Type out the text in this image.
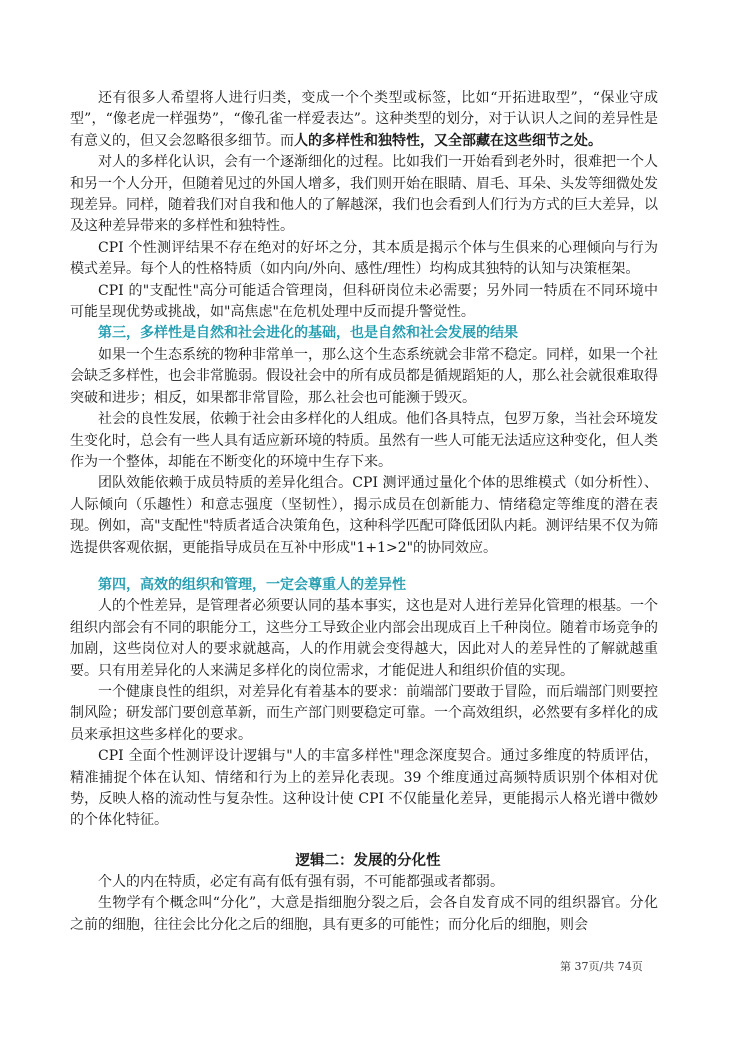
还有很多人希望将人进行归类，变成一个个类型或标签，比如“开拓进取型”，“保业守成型”，“像老虎一样强势”，“像孔雀一样爱表达”。这种类型的划分，对于认识人之间的差异性是有意义的，但又会忽略很多细节。而人的多样性和独特性，又全部藏在这些细节之处。

对人的多样化认识，会有一个逐渐细化的过程。比如我们一开始看到老外时，很难把一个人和另一个人分开，但随着见过的外国人增多，我们则开始在眼睛、眉毛、耳朵、头发等细微处发现差异。同样，随着我们对自我和他人的了解越深，我们也会看到人们行为方式的巨大差异，以及这种差异带来的多样性和独特性。

CPI 个性测评结果不存在绝对的好坏之分，其本质是揭示个体与生俱来的心理倾向与行为模式差异。每个人的性格特质（如内向/外向、感性/理性）均构成其独特的认知与决策框架。

CPI 的"支配性"高分可能适合管理岗，但科研岗位未必需要；另外同一特质在不同环境中可能呈现优势或挑战，如"高焦虑"在危机处理中反而提升警觉性。

第三，多样性是自然和社会进化的基础，也是自然和社会发展的结果

如果一个生态系统的物种非常单一，那么这个生态系统就会非常不稳定。同样，如果一个社会缺乏多样性，也会非常脆弱。假设社会中的所有成员都是循规蹈矩的人，那么社会就很难取得突破和进步；相反，如果都非常冒险，那么社会也可能濒于毁灭。

社会的良性发展，依赖于社会由多样化的人组成。他们各具特点，包罗万象，当社会环境发生变化时，总会有一些人具有适应新环境的特质。虽然有一些人可能无法适应这种变化，但人类作为一个整体，却能在不断变化的环境中生存下来。

团队效能依赖于成员特质的差异化组合。CPI 测评通过量化个体的思维模式（如分析性）、人际倾向（乐趣性）和意志强度（坚韧性），揭示成员在创新能力、情绪稳定等维度的潜在表现。例如，高"支配性"特质者适合决策角色，这种科学匹配可降低团队内耗。测评结果不仅为筛选提供客观依据，更能指导成员在互补中形成"1+1>2"的协同效应。

第四，高效的组织和管理，一定会尊重人的差异性

人的个性差异，是管理者必须要认同的基本事实，这也是对人进行差异化管理的根基。一个组织内部会有不同的职能分工，这些分工导致企业内部会出现成百上千种岗位。随着市场竞争的加剧，这些岗位对人的要求就越高，人的作用就会变得越大，因此对人的差异性的了解就越重要。只有用差异化的人来满足多样化的岗位需求，才能促进人和组织价值的实现。

一个健康良性的组织，对差异化有着基本的要求：前端部门要敢于冒险，而后端部门则要控制风险；研发部门要创意革新，而生产部门则要稳定可靠。一个高效组织，必然要有多样化的成员来承担这些多样化的要求。

CPI 全面个性测评设计逻辑与"人的丰富多样性"理念深度契合。通过多维度的特质评估，精准捕捉个体在认知、情绪和行为上的差异化表现。39 个维度通过高频特质识别个体相对优势，反映人格的流动性与复杂性。这种设计使 CPI 不仅能量化差异，更能揭示人格光谱中微妙的个体化特征。

逻辑二：发展的分化性

个人的内在特质，必定有高有低有强有弱，不可能都强或者都弱。

生物学有个概念叫“分化”，大意是指细胞分裂之后，会各自发育成不同的组织器官。分化之前的细胞，往往会比分化之后的细胞，具有更多的可能性；而分化后的细胞，则会

第 37页/共 74页
